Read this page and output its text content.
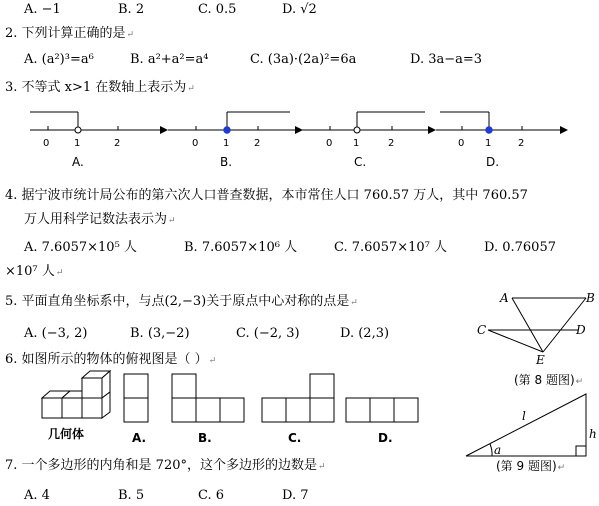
A. −1	B. 2	C. 0.5	D. √2
2. 下列计算正确的是↵
A. (a²)³=a⁶	B. a²+a²=a⁴	C. (3a)·(2a)²=6a	D. 3a−a=3
3. 不等式 x>1 在数轴上表示为↵
0 1	2	0 1 2	0 1	2	0 1	2
A.	B.	C.	D.
4. 据宁波市统计局公布的第六次人口普查数据，本市常住人口 760.57 万人，其中 760.57
万人用科学记数法表示为↵
A. 7.6057×10⁵ 人	B. 7.6057×10⁶ 人	C. 7.6057×10⁷ 人	D. 0.76057
×10⁷ 人↵
5. 平面直角坐标系中，与点(2,−3)关于原点中心对称的点是↵
A. (−3, 2)	B. (3,−2)	C. (−2, 3)	D. (2,3)
6. 如图所示的物体的俯视图是（ ）↵
几何体	A.	B.	C.	D.
7. 一个多边形的内角和是 720°，这个多边形的边数是↵
A. 4	B. 5	C. 6	D. 7
A	B
C	D
E
(第 8 题图)↵
l
h
a
(第 9 题图)↵
